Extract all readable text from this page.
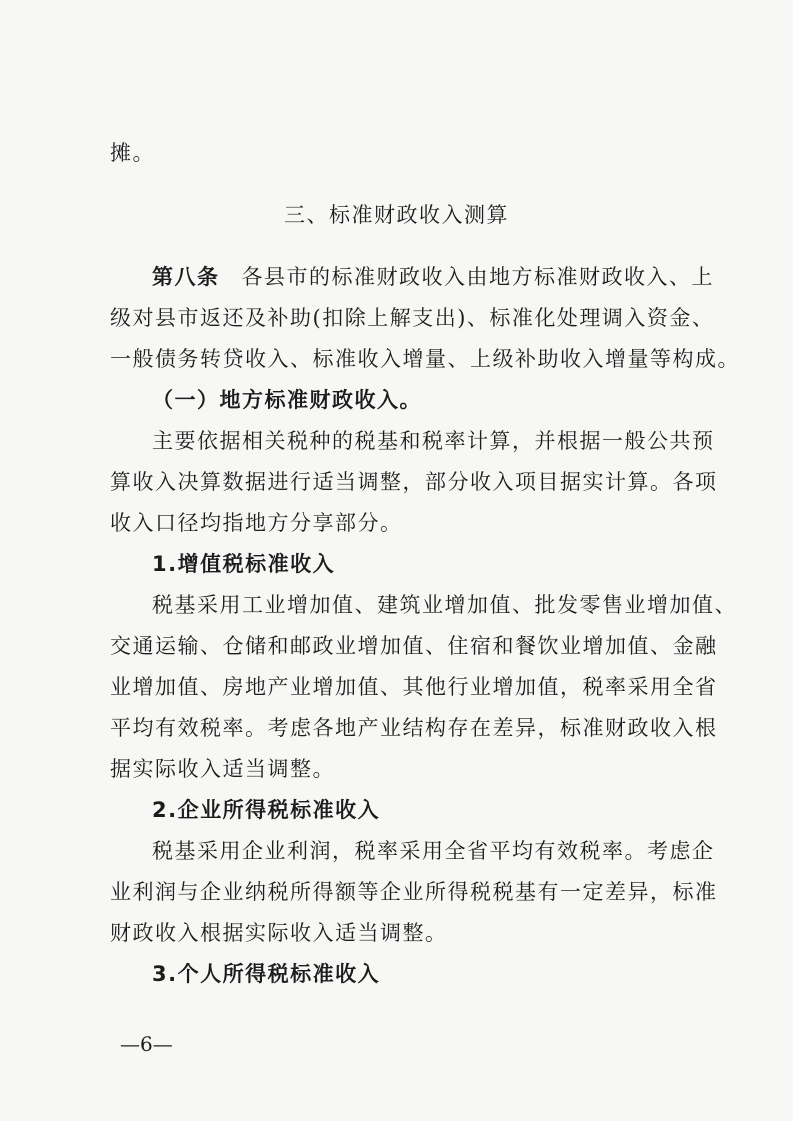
摊。
三、标准财政收入测算
第八条 各县市的标准财政收入由地方标准财政收入、上
级对县市返还及补助(扣除上解支出)、标准化处理调入资金、
一般债务转贷收入、标准收入增量、上级补助收入增量等构成。
（一）地方标准财政收入。
主要依据相关税种的税基和税率计算，并根据一般公共预
算收入决算数据进行适当调整，部分收入项目据实计算。各项
收入口径均指地方分享部分。
1.增值税标准收入
税基采用工业增加值、建筑业增加值、批发零售业增加值、
交通运输、仓储和邮政业增加值、住宿和餐饮业增加值、金融
业增加值、房地产业增加值、其他行业增加值，税率采用全省
平均有效税率。考虑各地产业结构存在差异，标准财政收入根
据实际收入适当调整。
2.企业所得税标准收入
税基采用企业利润，税率采用全省平均有效税率。考虑企
业利润与企业纳税所得额等企业所得税税基有一定差异，标准
财政收入根据实际收入适当调整。
3.个人所得税标准收入
—6—
